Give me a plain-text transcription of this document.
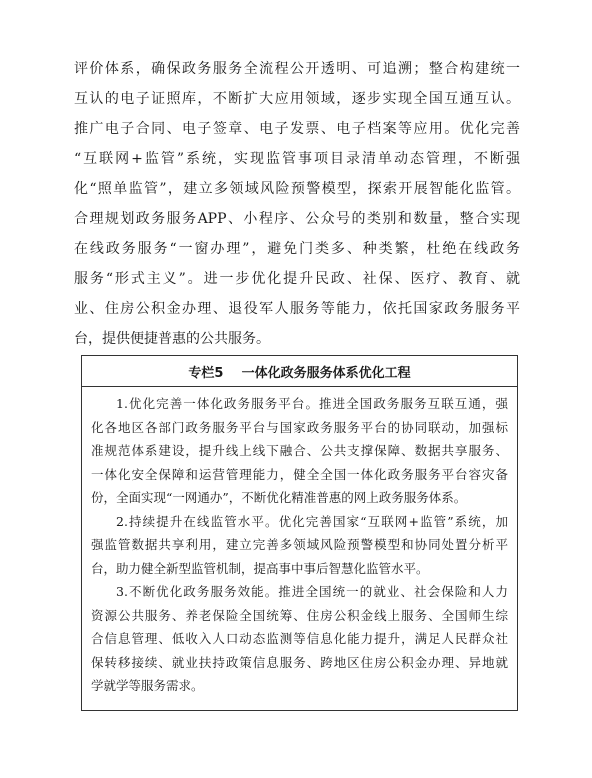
评价体系，确保政务服务全流程公开透明、可追溯；整合构建统一
互认的电子证照库，不断扩大应用领域，逐步实现全国互通互认。
推广电子合同、电子签章、电子发票、电子档案等应用。优化完善
“互联网+监管”系统，实现监管事项目录清单动态管理，不断强
化“照单监管”，建立多领域风险预警模型，探索开展智能化监管。
合理规划政务服务APP、小程序、公众号的类别和数量，整合实现
在线政务服务“一窗办理”，避免门类多、种类繁，杜绝在线政务
服务“形式主义”。进一步优化提升民政、社保、医疗、教育、就
业、住房公积金办理、退役军人服务等能力，依托国家政务服务平
台，提供便捷普惠的公共服务。
专栏5
一体化政务服务体系优化工程
1.优化完善一体化政务服务平台。推进全国政务服务互联互通，强
化各地区各部门政务服务平台与国家政务服务平台的协同联动，加强标
准规范体系建设，提升线上线下融合、公共支撑保障、数据共享服务、
一体化安全保障和运营管理能力，健全全国一体化政务服务平台容灾备
份，全面实现“一网通办”，不断优化精准普惠的网上政务服务体系。
2.持续提升在线监管水平。优化完善国家“互联网+监管”系统，加
强监管数据共享利用，建立完善多领域风险预警模型和协同处置分析平
台，助力健全新型监管机制，提高事中事后智慧化监管水平。
3.不断优化政务服务效能。推进全国统一的就业、社会保险和人力
资源公共服务、养老保险全国统筹、住房公积金线上服务、全国师生综
合信息管理、低收入人口动态监测等信息化能力提升，满足人民群众社
保转移接续、就业扶持政策信息服务、跨地区住房公积金办理、异地就
学就学等服务需求。
